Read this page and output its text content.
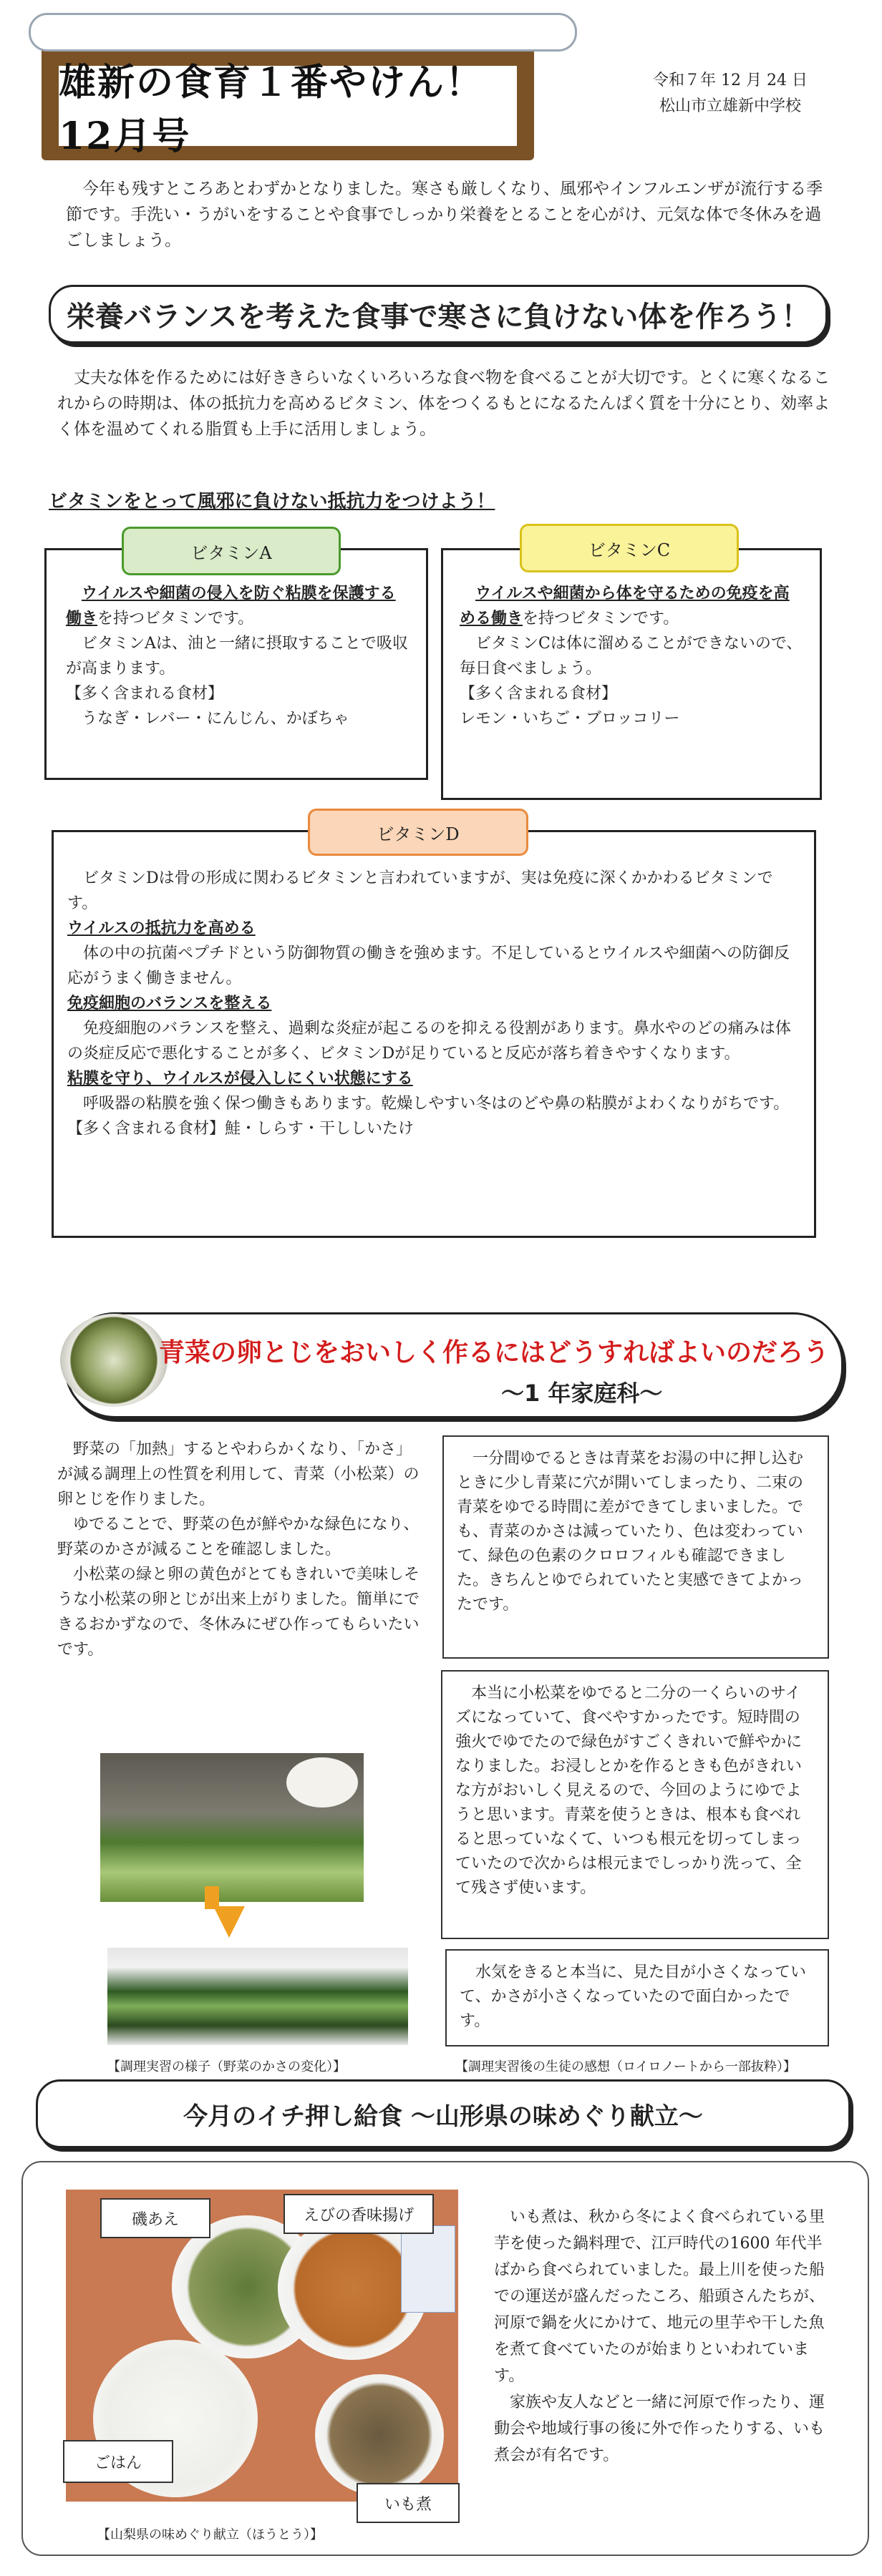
雄新の食育１番やけん！12月号
令和７年 12 月 24 日
松山市立雄新中学校
今年も残すところあとわずかとなりました。寒さも厳しくなり、風邪やインフルエンザが流行する季節です。手洗い・うがいをすることや食事でしっかり栄養をとることを心がけ、元気な体で冬休みを過ごしましょう。
栄養バランスを考えた食事で寒さに負けない体を作ろう！
丈夫な体を作るためには好ききらいなくいろいろな食べ物を食べることが大切です。とくに寒くなるこれからの時期は、体の抵抗力を高めるビタミン、体をつくるもとになるたんぱく質を十分にとり、効率よく体を温めてくれる脂質も上手に活用しましょう。
ビタミンをとって風邪に負けない抵抗力をつけよう！
ビタミンA
ウイルスや細菌の侵入を防ぐ粘膜を保護する働きを持つビタミンです。
ビタミンAは、油と一緒に摂取することで吸収が高まります。
【多く含まれる食材】
うなぎ・レバー・にんじん、かぼちゃ
ビタミンC
ウイルスや細菌から体を守るための免疫を高める働きを持つビタミンです。
ビタミンCは体に溜めることができないので、毎日食べましょう。
【多く含まれる食材】
レモン・いちご・ブロッコリー
ビタミンD
ビタミンDは骨の形成に関わるビタミンと言われていますが、実は免疫に深くかかわるビタミンです。
ウイルスの抵抗力を高める
体の中の抗菌ペプチドという防御物質の働きを強めます。不足しているとウイルスや細菌への防御反応がうまく働きません。
免疫細胞のバランスを整える
免疫細胞のバランスを整え、過剰な炎症が起こるのを抑える役割があります。鼻水やのどの痛みは体の炎症反応で悪化することが多く、ビタミンDが足りていると反応が落ち着きやすくなります。
粘膜を守り、ウイルスが侵入しにくい状態にする
呼吸器の粘膜を強く保つ働きもあります。乾燥しやすい冬はのどや鼻の粘膜がよわくなりがちです。
【多く含まれる食材】鮭・しらす・干ししいたけ
青菜の卵とじをおいしく作るにはどうすればよいのだろう
～1 年家庭科～
野菜の「加熱」するとやわらかくなり、「かさ」が減る調理上の性質を利用して、青菜（小松菜）の卵とじを作りました。
ゆでることで、野菜の色が鮮やかな緑色になり、野菜のかさが減ることを確認しました。
小松菜の緑と卵の黄色がとてもきれいで美味しそうな小松菜の卵とじが出来上がりました。簡単にできるおかずなので、冬休みにぜひ作ってもらいたいです。
【調理実習の様子（野菜のかさの変化）】
一分間ゆでるときは青菜をお湯の中に押し込むときに少し青菜に穴が開いてしまったり、二束の青菜をゆでる時間に差ができてしまいました。でも、青菜のかさは減っていたり、色は変わっていて、緑色の色素のクロロフィルも確認できました。きちんとゆでられていたと実感できてよかったです。
本当に小松菜をゆでると二分の一くらいのサイズになっていて、食べやすかったです。短時間の強火でゆでたので緑色がすごくきれいで鮮やかになりました。お浸しとかを作るときも色がきれいな方がおいしく見えるので、今回のようにゆでようと思います。青菜を使うときは、根本も食べれると思っていなくて、いつも根元を切ってしまっていたので次からは根元までしっかり洗って、全て残さず使います。
水気をきると本当に、見た目が小さくなっていて、かさが小さくなっていたので面白かったです。
【調理実習後の生徒の感想（ロイロノートから一部抜粋）】
今月のイチ押し給食 ～山形県の味めぐり献立～
磯あえ	えびの香味揚げ
ごはん
いも煮
【山梨県の味めぐり献立（ほうとう）】
いも煮は、秋から冬によく食べられている里芋を使った鍋料理で、江戸時代の1600 年代半ばから食べられていました。最上川を使った船での運送が盛んだったころ、船頭さんたちが、河原で鍋を火にかけて、地元の里芋や干した魚を煮て食べていたのが始まりといわれています。
家族や友人などと一緒に河原で作ったり、運動会や地域行事の後に外で作ったりする、いも煮会が有名です。
